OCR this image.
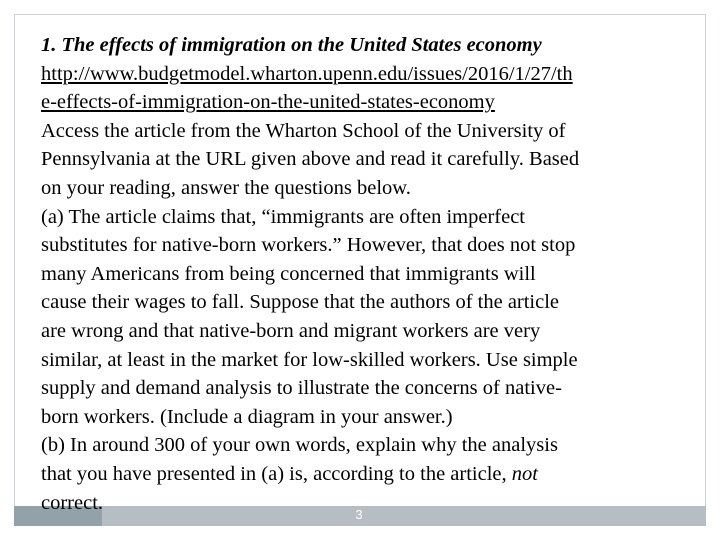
3
1. The effects of immigration on the United States economy
http://www.budgetmodel.wharton.upenn.edu/issues/2016/1/27/th
e-effects-of-immigration-on-the-united-states-economy
Access the article from the Wharton School of the University of
Pennsylvania at the URL given above and read it carefully. Based
on your reading, answer the questions below.
(a) The article claims that, “immigrants are often imperfect
substitutes for native-born workers.” However, that does not stop
many Americans from being concerned that immigrants will
cause their wages to fall. Suppose that the authors of the article
are wrong and that native-born and migrant workers are very
similar, at least in the market for low-skilled workers. Use simple
supply and demand analysis to illustrate the concerns of native-
born workers. (Include a diagram in your answer.)
(b) In around 300 of your own words, explain why the analysis
that you have presented in (a) is, according to the article, not
correct.
